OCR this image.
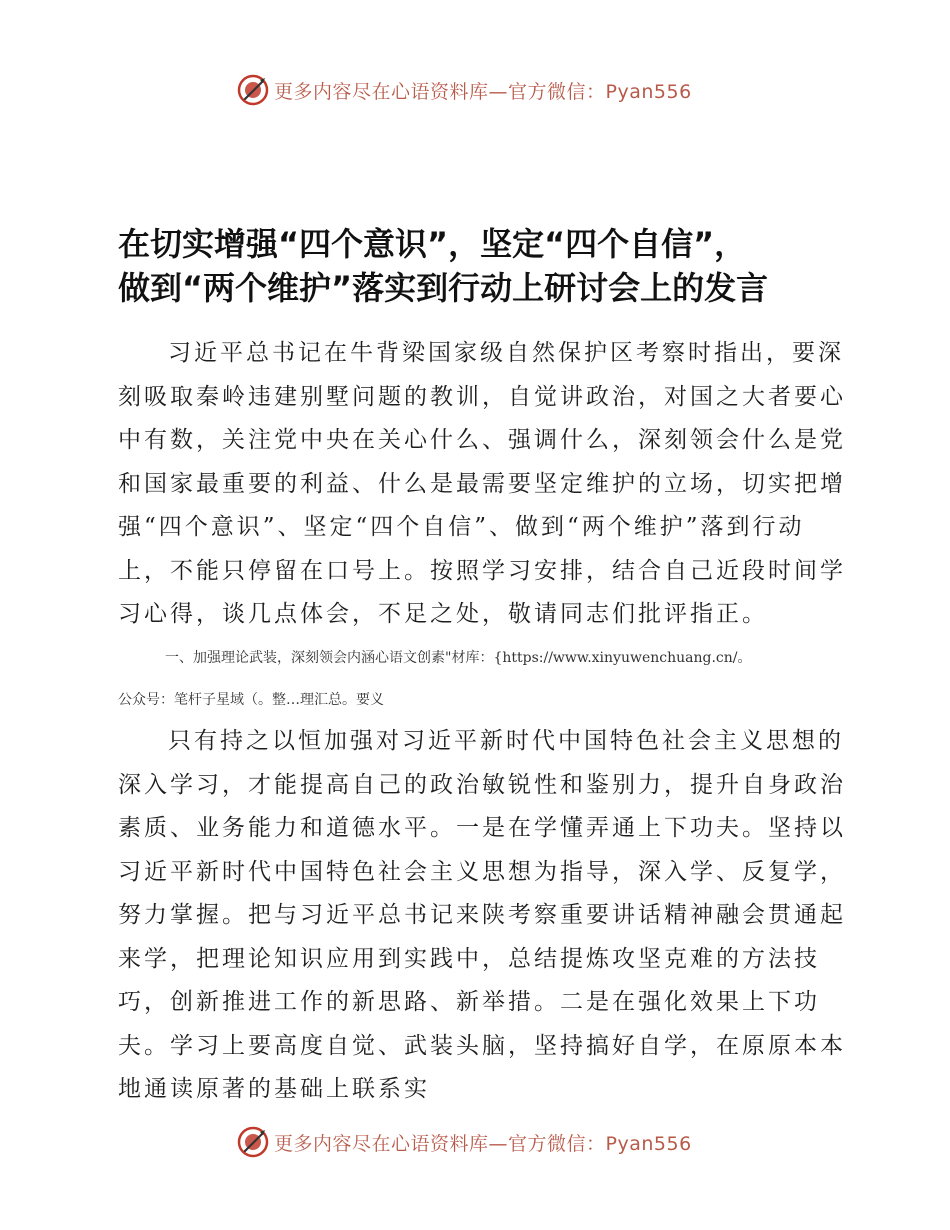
更多内容尽在心语资料库—官方微信：Pyan556
在切实增强“四个意识”，坚定“四个自信”，
做到“两个维护”落实到行动上研讨会上的发言

习近平总书记在牛背梁国家级自然保护区考察时指出，要深刻吸取秦岭违建别墅问题的教训，自觉讲政治，对国之大者要心中有数，关注党中央在关心什么、强调什么，深刻领会什么是党和国家最重要的利益、什么是最需要坚定维护的立场，切实把增强“四个意识”、坚定“四个自信”、做到“两个维护”落到行动上，不能只停留在口号上。按照学习安排，结合自己近段时间学习心得，谈几点体会，不足之处，敬请同志们批评指正。

一、加强理论武装，深刻领会内涵心语文创素"材库：{https://www.xinyuwenchuang.cn/。
公众号：笔杆子星域（。整…理汇总。要义

只有持之以恒加强对习近平新时代中国特色社会主义思想的深入学习，才能提高自己的政治敏锐性和鉴别力，提升自身政治素质、业务能力和道德水平。一是在学懂弄通上下功夫。坚持以习近平新时代中国特色社会主义思想为指导，深入学、反复学，努力掌握。把与习近平总书记来陕考察重要讲话精神融会贯通起来学，把理论知识应用到实践中，总结提炼攻坚克难的方法技巧，创新推进工作的新思路、新举措。二是在强化效果上下功夫。学习上要高度自觉、武装头脑，坚持搞好自学，在原原本本地通读原著的基础上联系实

更多内容尽在心语资料库—官方微信：Pyan556
